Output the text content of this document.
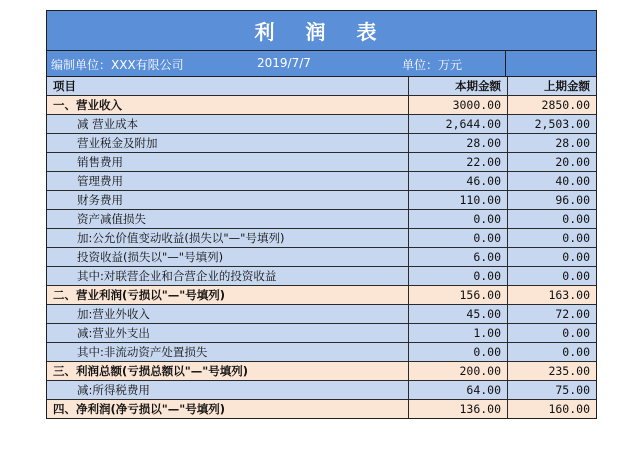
利 润 表
编制单位：XXX有限公司	2019/7/7	单位：万元
项目	本期金额	上期金额
一、营业收入	3000.00	2850.00
减 营业成本	2,644.00	2,503.00
营业税金及附加	28.00	28.00
销售费用	22.00	20.00
管理费用	46.00	40.00
财务费用	110.00	96.00
资产减值损失	0.00	0.00
加:公允价值变动收益(损失以"—"号填列)	0.00	0.00
投资收益(损失以"—"号填列)	6.00	0.00
其中:对联营企业和合营企业的投资收益	0.00	0.00
二、营业利润(亏损以"—"号填列)	156.00	163.00
加:营业外收入	45.00	72.00
减:营业外支出	1.00	0.00
其中:非流动资产处置损失	0.00	0.00
三、利润总额(亏损总额以"—"号填列)	200.00	235.00
减:所得税费用	64.00	75.00
四、净利润(净亏损以"—"号填列)	136.00	160.00
